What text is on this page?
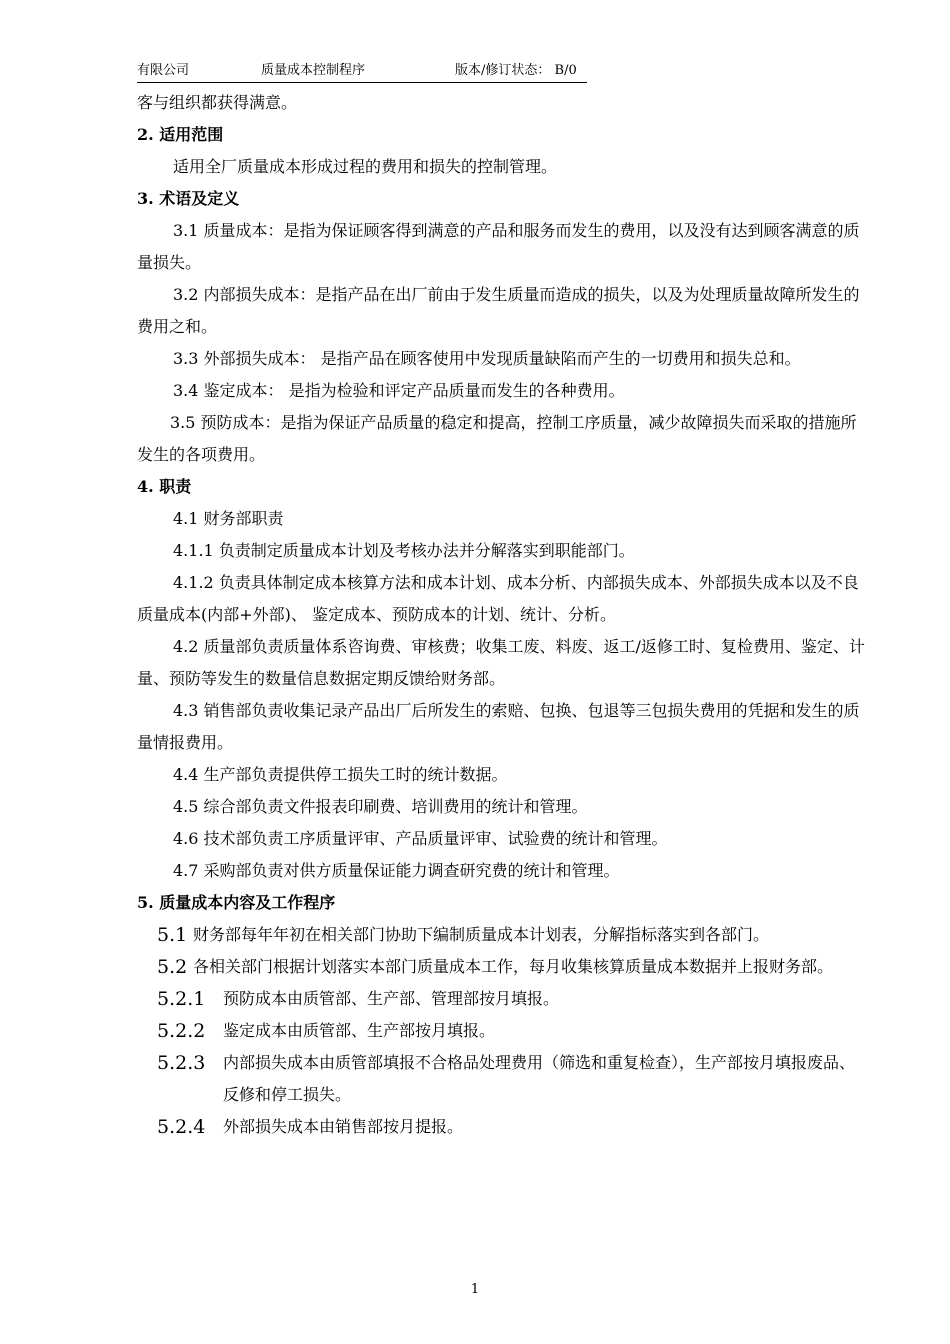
有限公司	质量成本控制程序	版本/修订状态： B/0

客与组织都获得满意。

2. 适用范围

适用全厂质量成本形成过程的费用和损失的控制管理。

3. 术语及定义

3.1 质量成本：是指为保证顾客得到满意的产品和服务而发生的费用，以及没有达到顾客满意的质量损失。

3.2 内部损失成本：是指产品在出厂前由于发生质量而造成的损失，以及为处理质量故障所发生的费用之和。

3.3 外部损失成本： 是指产品在顾客使用中发现质量缺陷而产生的一切费用和损失总和。

3.4 鉴定成本： 是指为检验和评定产品质量而发生的各种费用。

3.5 预防成本：是指为保证产品质量的稳定和提高，控制工序质量，减少故障损失而采取的措施所发生的各项费用。

4. 职责

4.1 财务部职责

4.1.1 负责制定质量成本计划及考核办法并分解落实到职能部门。

4.1.2 负责具体制定成本核算方法和成本计划、成本分析、内部损失成本、外部损失成本以及不良质量成本(内部+外部)、 鉴定成本、预防成本的计划、统计、分析。

4.2 质量部负责质量体系咨询费、审核费；收集工废、料废、返工/返修工时、复检费用、鉴定、计量、预防等发生的数量信息数据定期反馈给财务部。

4.3 销售部负责收集记录产品出厂后所发生的索赔、包换、包退等三包损失费用的凭据和发生的质量情报费用。

4.4 生产部负责提供停工损失工时的统计数据。

4.5 综合部负责文件报表印刷费、培训费用的统计和管理。

4.6 技术部负责工序质量评审、产品质量评审、试验费的统计和管理。

4.7 采购部负责对供方质量保证能力调查研究费的统计和管理。

5. 质量成本内容及工作程序

5.1 财务部每年年初在相关部门协助下编制质量成本计划表，分解指标落实到各部门。
5.2 各相关部门根据计划落实本部门质量成本工作，每月收集核算质量成本数据并上报财务部。
5.2.1	预防成本由质管部、生产部、管理部按月填报。
5.2.2	鉴定成本由质管部、生产部按月填报。
5.2.3	内部损失成本由质管部填报不合格品处理费用（筛选和重复检查），生产部按月填报废品、反修和停工损失。
5.2.4	外部损失成本由销售部按月提报。
1
